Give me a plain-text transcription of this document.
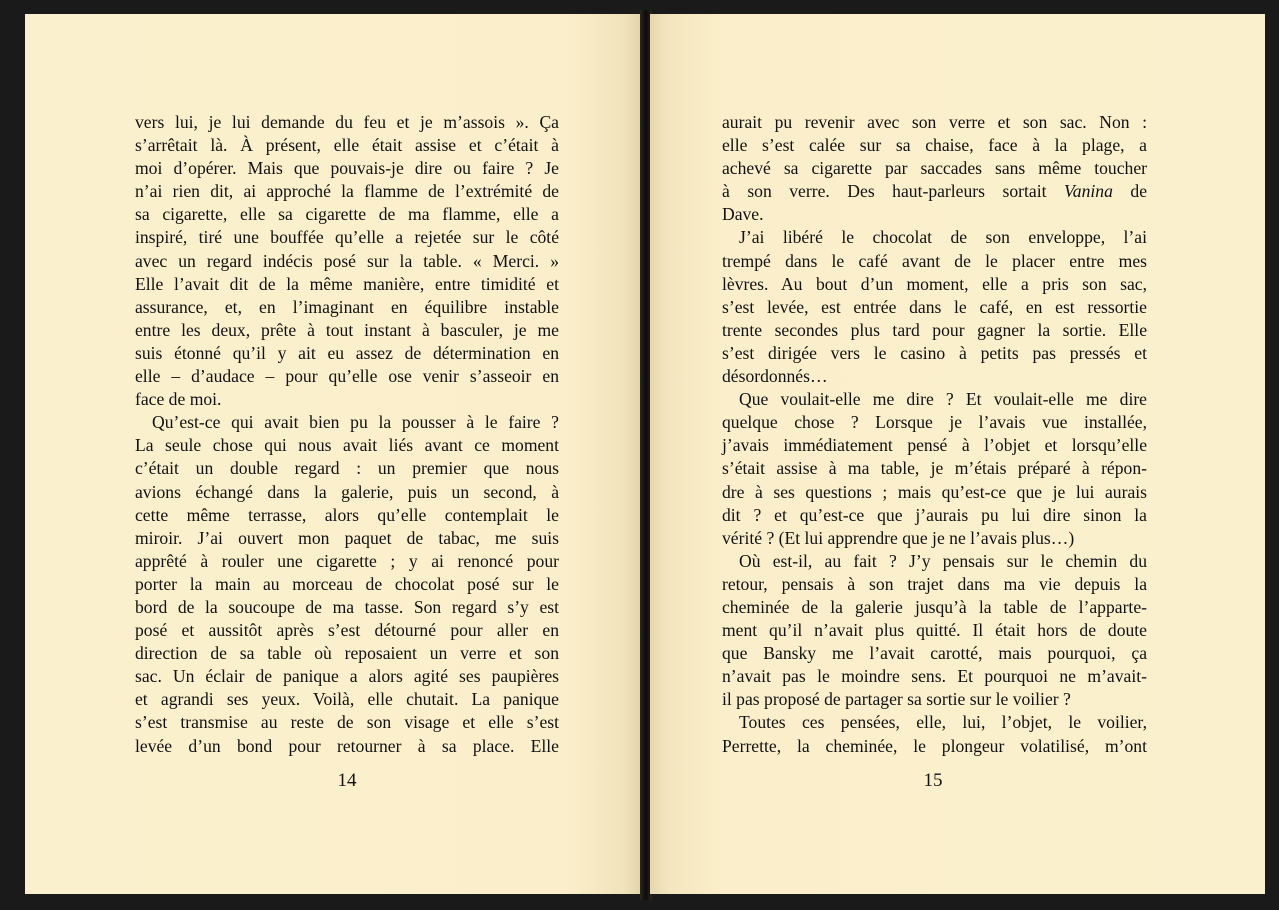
vers lui, je lui demande du feu et je m’assois ». Ça
s’arrêtait là. À présent, elle était assise et c’était à
moi d’opérer. Mais que pouvais-je dire ou faire ? Je
n’ai rien dit, ai approché la flamme de l’extrémité de
sa cigarette, elle sa cigarette de ma flamme, elle a
inspiré, tiré une bouffée qu’elle a rejetée sur le côté
avec un regard indécis posé sur la table. « Merci. »
Elle l’avait dit de la même manière, entre timidité et
assurance, et, en l’imaginant en équilibre instable
entre les deux, prête à tout instant à basculer, je me
suis étonné qu’il y ait eu assez de détermination en
elle – d’audace – pour qu’elle ose venir s’asseoir en
face de moi.
Qu’est-ce qui avait bien pu la pousser à le faire ?
La seule chose qui nous avait liés avant ce moment
c’était un double regard : un premier que nous
avions échangé dans la galerie, puis un second, à
cette même terrasse, alors qu’elle contemplait le
miroir. J’ai ouvert mon paquet de tabac, me suis
apprêté à rouler une cigarette ; y ai renoncé pour
porter la main au morceau de chocolat posé sur le
bord de la soucoupe de ma tasse. Son regard s’y est
posé et aussitôt après s’est détourné pour aller en
direction de sa table où reposaient un verre et son
sac. Un éclair de panique a alors agité ses paupières
et agrandi ses yeux. Voilà, elle chutait. La panique
s’est transmise au reste de son visage et elle s’est
levée d’un bond pour retourner à sa place. Elle
14
aurait pu revenir avec son verre et son sac. Non :
elle s’est calée sur sa chaise, face à la plage, a
achevé sa cigarette par saccades sans même toucher
à son verre. Des haut-parleurs sortait Vanina de
Dave.
J’ai libéré le chocolat de son enveloppe, l’ai
trempé dans le café avant de le placer entre mes
lèvres. Au bout d’un moment, elle a pris son sac,
s’est levée, est entrée dans le café, en est ressortie
trente secondes plus tard pour gagner la sortie. Elle
s’est dirigée vers le casino à petits pas pressés et
désordonnés…
Que voulait-elle me dire ? Et voulait-elle me dire
quelque chose ? Lorsque je l’avais vue installée,
j’avais immédiatement pensé à l’objet et lorsqu’elle
s’était assise à ma table, je m’étais préparé à répon-
dre à ses questions ; mais qu’est-ce que je lui aurais
dit ? et qu’est-ce que j’aurais pu lui dire sinon la
vérité ? (Et lui apprendre que je ne l’avais plus…)
Où est-il, au fait ? J’y pensais sur le chemin du
retour, pensais à son trajet dans ma vie depuis la
cheminée de la galerie jusqu’à la table de l’apparte-
ment qu’il n’avait plus quitté. Il était hors de doute
que Bansky me l’avait carotté, mais pourquoi, ça
n’avait pas le moindre sens. Et pourquoi ne m’avait-
il pas proposé de partager sa sortie sur le voilier ?
Toutes ces pensées, elle, lui, l’objet, le voilier,
Perrette, la cheminée, le plongeur volatilisé, m’ont
15
